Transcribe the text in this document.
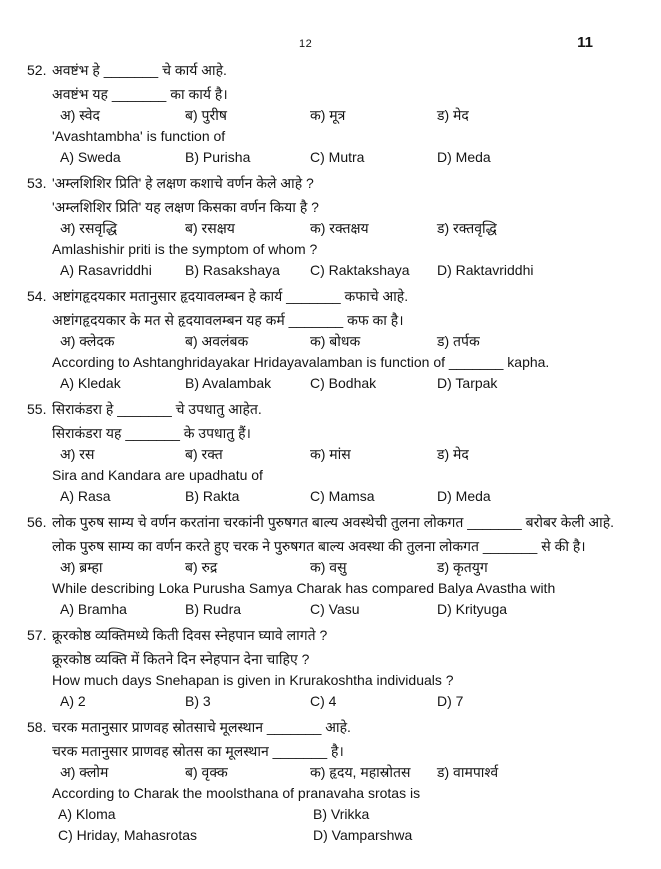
12	11
52. अवष्टंभ हे _______ चे कार्य आहे.
अवष्टंभ यह _______ का कार्य है।
अ) स्वेद	ब) पुरीष	क) मूत्र	ड) मेद
'Avashtambha' is function of
A) Sweda	B) Purisha	C) Mutra	D) Meda
53. 'अम्लशिशिर प्रिति' हे लक्षण कशाचे वर्णन केले आहे ?
'अम्लशिशिर प्रिति' यह लक्षण किसका वर्णन किया है ?
अ) रसवृद्धि	ब) रसक्षय	क) रक्तक्षय	ड) रक्तवृद्धि
Amlashishir priti is the symptom of whom ?
A) Rasavriddhi	B) Rasakshaya	C) Raktakshaya	D) Raktavriddhi
54. अष्टांगहृदयकार मतानुसार हृदयावलम्बन हे कार्य _______ कफाचे आहे.
अष्टांगहृदयकार के मत से हृदयावलम्बन यह कर्म _______ कफ का है।
अ) क्लेदक	ब) अवलंबक	क) बोधक	ड) तर्पक
According to Ashtanghridayakar Hridayavalamban is function of _______ kapha.
A) Kledak	B) Avalambak	C) Bodhak	D) Tarpak
55. सिराकंडरा हे _______ चे उपधातु आहेत.
सिराकंडरा यह _______ के उपधातु हैं।
अ) रस	ब) रक्त	क) मांस	ड) मेद
Sira and Kandara are upadhatu of
A) Rasa	B) Rakta	C) Mamsa	D) Meda
56. लोक पुरुष साम्य चे वर्णन करतांना चरकांनी पुरुषगत बाल्य अवस्थेची तुलना लोकगत _______ बरोबर केली आहे.
लोक पुरुष साम्य का वर्णन करते हुए चरक ने पुरुषगत बाल्य अवस्था की तुलना लोकगत _______ से की है।
अ) ब्रम्हा	ब) रुद्र	क) वसु	ड) कृतयुग
While describing Loka Purusha Samya Charak has compared Balya Avastha with
A) Bramha	B) Rudra	C) Vasu	D) Krityuga
57. क्रूरकोष्ठ व्यक्तिमध्ये किती दिवस स्नेहपान घ्यावे लागते ?
क्रूरकोष्ठ व्यक्ति में कितने दिन स्नेहपान देना चाहिए ?
How much days Snehapan is given in Krurakoshtha individuals ?
A) 2	B) 3	C) 4	D) 7
58. चरक मतानुसार प्राणवह स्रोतसाचे मूलस्थान _______ आहे.
चरक मतानुसार प्राणवह स्रोतस का मूलस्थान _______ है।
अ) क्लोम	ब) वृक्क	क) हृदय, महास्रोतस	ड) वामपार्श्व
According to Charak the moolsthana of pranavaha srotas is
A) Kloma	B) Vrikka
C) Hriday, Mahasrotas	D) Vamparshwa
